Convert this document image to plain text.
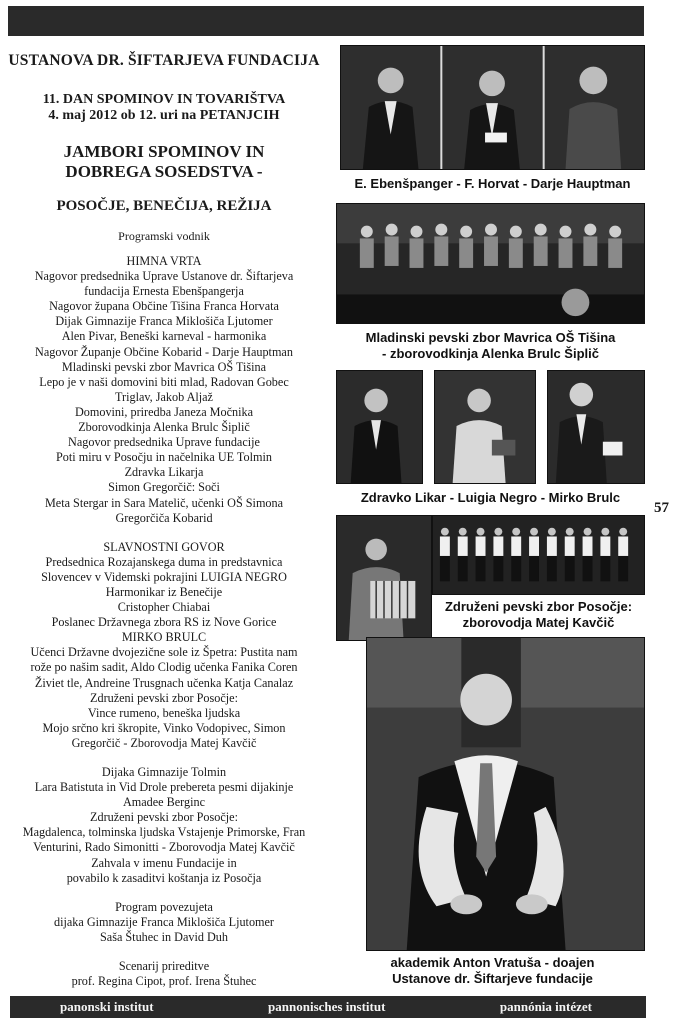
USTANOVA DR. ŠIFTARJEVA FUNDACIJA
11. DAN SPOMINOV IN TOVARIŠTVA
4. maj 2012 ob 12. uri na PETANJCIH
JAMBORI SPOMINOV IN
DOBREGA SOSEDSTVA -
POSOČJE, BENEČIJA, REŽIJA
Programski vodnik
HIMNA VRTA
Nagovor predsednika Uprave Ustanove dr. Šiftarjeva
fundacija Ernesta Ebenšpangerja
Nagovor župana Občine Tišina Franca Horvata
Dijak Gimnazije Franca Miklošiča Ljutomer
Alen Pivar, Beneški karneval - harmonika
Nagovor Županje Občine Kobarid - Darje Hauptman
Mladinski pevski zbor Mavrica OŠ Tišina
Lepo je v naši domovini biti mlad, Radovan Gobec
Triglav, Jakob Aljaž
Domovini, priredba Janeza Močnika
Zborovodkinja Alenka Brulc Šiplič
Nagovor predsednika Uprave fundacije
Poti miru v Posočju in načelnika UE Tolmin
Zdravka Likarja
Simon Gregorčič: Soči
Meta Stergar in Sara Matelič, učenki OŠ Simona
Gregorčiča Kobarid
SLAVNOSTNI GOVOR
Predsednica Rozajanskega duma in predstavnica
Slovencev v Videmski pokrajini LUIGIA NEGRO
Harmonikar iz Benečije
Cristopher Chiabai
Poslanec Državnega zbora RS iz Nove Gorice
MIRKO BRULC
Učenci Državne dvojezične sole iz Špetra: Pustita nam
rože po našim sadit, Aldo Clodig učenka Fanika Coren
Živiet tle, Andreine Trusgnach učenka Katja Canalaz
Združeni pevski zbor Posočje:
Vince rumeno, beneška ljudska
Mojo srčno kri škropite, Vinko Vodopivec, Simon
Gregorčič - Zborovodja Matej Kavčič
Dijaka Gimnazije Tolmin
Lara Batistuta in Vid Drole prebereta pesmi dijakinje
Amadee Berginc
Združeni pevski zbor Posočje:
Magdalenca, tolminska ljudska Vstajenje Primorske, Fran
Venturini, Rado Simonitti - Zborovodja Matej Kavčič
Zahvala v imenu Fundacije in
povabilo k zasaditvi koštanja iz Posočja
Program povezujeta
dijaka Gimnazije Franca Miklošiča Ljutomer
Saša Štuhec in David Duh
Scenarij prireditve
prof. Regina Cipot, prof. Irena Štuhec
E. Ebenšpanger - F. Horvat - Darje Hauptman
Mladinski pevski zbor Mavrica OŠ Tišina
- zborovodkinja Alenka Brulc Šiplič
Zdravko Likar - Luigia Negro - Mirko Brulc
Združeni pevski zbor Posočje:
zborovodja Matej Kavčič
akademik Anton Vratuša - doajen
Ustanove dr. Šiftarjeve fundacije
57
panonski institut	pannonisches institut	pannónia intézet
